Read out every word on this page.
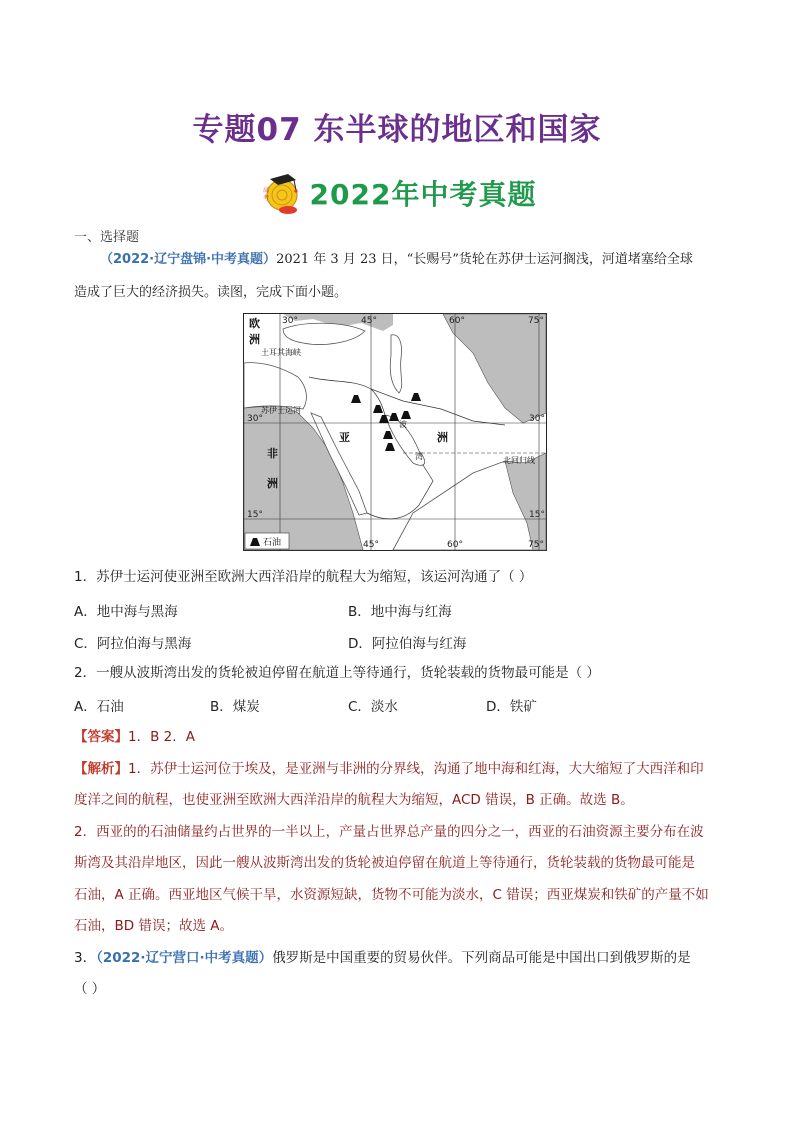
专题07 东半球的地区和国家
高
考 2022年中考真题
一、选择题
（2022·辽宁盘锦·中考真题）2021 年 3 月 23 日，“长赐号”货轮在苏伊士运河搁浅，河道堵塞给全球
造成了巨大的经济损失。读图，完成下面小题。
30°	45°	60°	75°
45°	60°	75°
30°
15°
30°
15°
欧
洲
亚	洲
非
洲
土耳其海峡
苏伊士运河
北回归线
波
湾
石油
1．苏伊士运河使亚洲至欧洲大西洋沿岸的航程大为缩短，该运河沟通了（ ）
A．地中海与黑海	B．地中海与红海
C．阿拉伯海与黑海	D．阿拉伯海与红海
2．一艘从波斯湾出发的货轮被迫停留在航道上等待通行，货轮装载的货物最可能是（ ）
A．石油	B．煤炭	C．淡水	D．铁矿
【答案】1．B 2．A
【解析】1．苏伊士运河位于埃及，是亚洲与非洲的分界线，沟通了地中海和红海，大大缩短了大西洋和印
度洋之间的航程，也使亚洲至欧洲大西洋沿岸的航程大为缩短，ACD 错误，B 正确。故选 B。
2．西亚的的石油储量约占世界的一半以上，产量占世界总产量的四分之一，西亚的石油资源主要分布在波
斯湾及其沿岸地区，因此一艘从波斯湾出发的货轮被迫停留在航道上等待通行，货轮装载的货物最可能是
石油，A 正确。西亚地区气候干旱，水资源短缺，货物不可能为淡水，C 错误；西亚煤炭和铁矿的产量不如
石油，BD 错误；故选 A。
3．（2022·辽宁营口·中考真题）俄罗斯是中国重要的贸易伙伴。下列商品可能是中国出口到俄罗斯的是
（ ）
